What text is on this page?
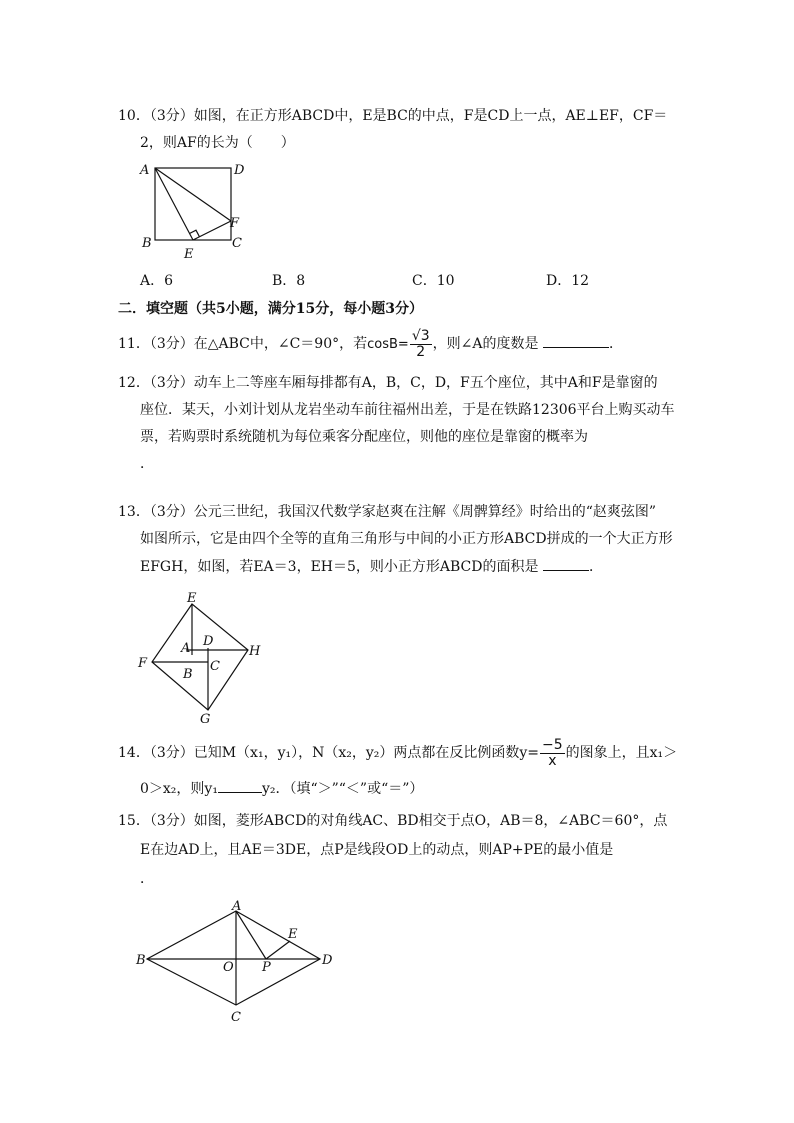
10．（3分）如图，在正方形ABCD中，E是BC的中点，F是CD上一点，AE⊥EF，CF＝
2，则AF的长为（　　）
A	D
B	C
E
F
A．6	B．8	C．10	D．12
二．填空题（共5小题，满分15分，每小题3分）
11．（3分）在△ABC中，∠C＝90°，若$\cos B= \frac{√3}{2}$ ，则∠A的度数是	．
12．（3分）动车上二等座车厢每排都有A，B，C，D，F五个座位，其中A和F是靠窗的
座位．某天，小刘计划从龙岩坐动车前往福州出差，于是在铁路12306平台上购买动车
票，若购票时系统随机为每位乘客分配座位，则他的座位是靠窗的概率为
．
13．（3分）公元三世纪，我国汉代数学家赵爽在注解《周髀算经》时给出的“赵爽弦图”
如图所示，它是由四个全等的直角三角形与中间的小正方形ABCD拼成的一个大正方形
EFGH，如图，若EA＝3，EH＝5，则小正方形ABCD的面积是	．
E
F
G
H
A
B
C
D
14．（3分）已知M（x₁，y₁），N（x₂，y₂）两点都在反比例函数$y= \frac{-5}{x}$ 的图象上，且x₁＞
0＞x₂，则y₁	y₂．（填“＞”“＜”或“＝”）
15．（3分）如图，菱形ABCD的对角线AC、BD相交于点O，AB＝8，∠ABC＝60°，点
E在边AD上，且AE＝3DE，点P是线段OD上的动点，则AP+PE的最小值是
．
A
B
C
D
E
O P
